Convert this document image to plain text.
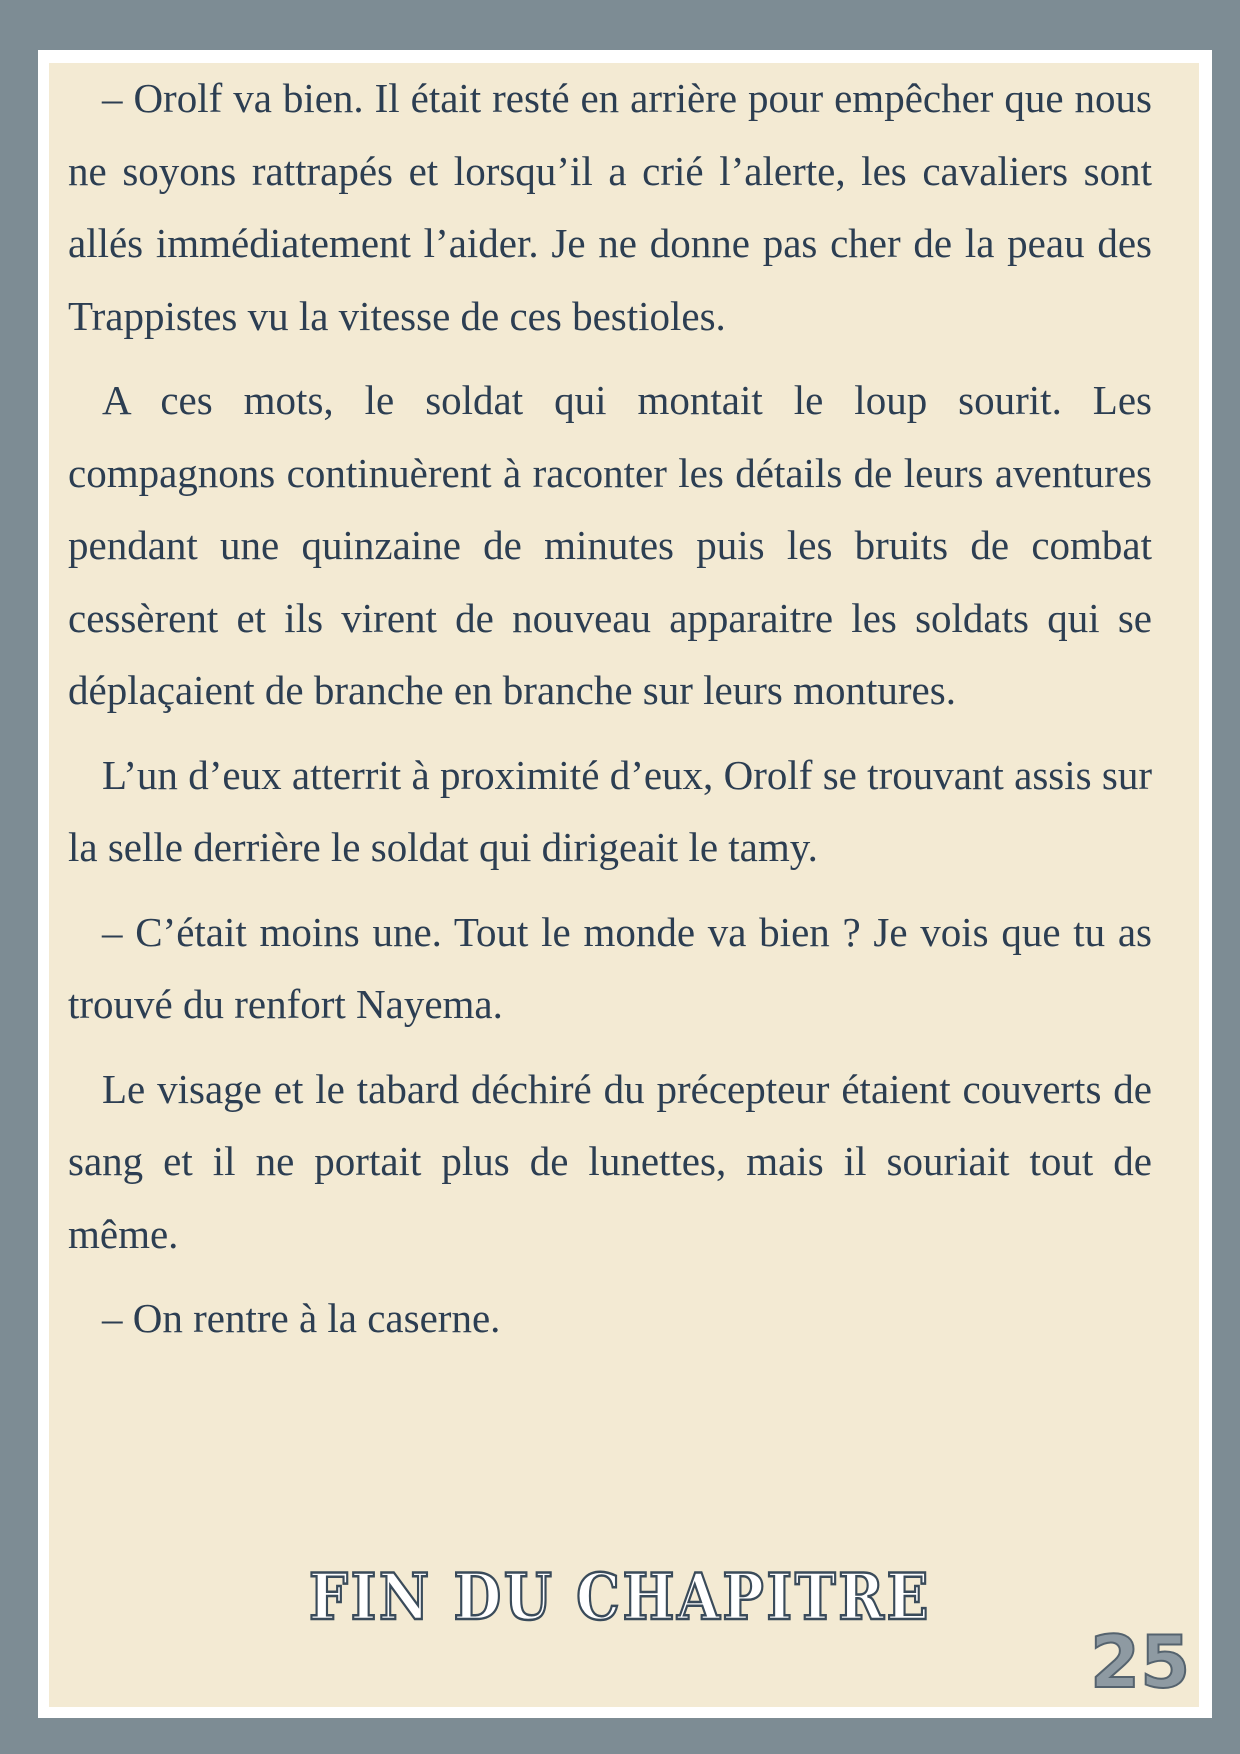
– Orolf va bien. Il était resté en arrière pour empêcher que nous ne soyons rattrapés et lorsqu’il a crié l’alerte, les cavaliers sont allés immédiatement l’aider. Je ne donne pas cher de la peau des Trappistes vu la vitesse de ces bestioles.

A ces mots, le soldat qui montait le loup sourit. Les compagnons continuèrent à raconter les détails de leurs aventures pendant une quinzaine de minutes puis les bruits de combat cessèrent et ils virent de nouveau apparaitre les soldats qui se déplaçaient de branche en branche sur leurs montures.

L’un d’eux atterrit à proximité d’eux, Orolf se trouvant assis sur la selle derrière le soldat qui dirigeait le tamy.

– C’était moins une. Tout le monde va bien ? Je vois que tu as trouvé du renfort Nayema.

Le visage et le tabard déchiré du précepteur étaient couverts de sang et il ne portait plus de lunettes, mais il souriait tout de même.

– On rentre à la caserne.

FIN DU CHAPITRE
25
